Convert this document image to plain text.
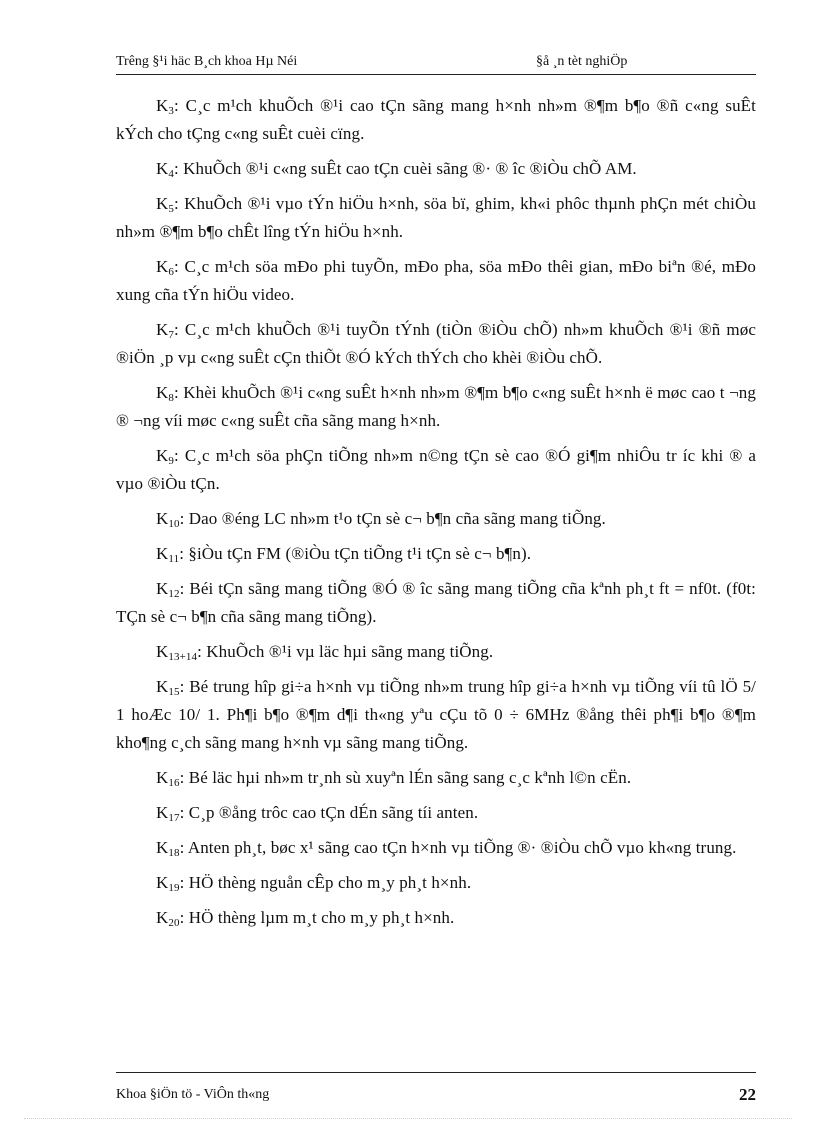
Trêng §¹i häc B¸ch khoa Hµ Néi	§å ¸n tèt nghiÖp

$K_3$: C¸c m¹ch khuÕch ®¹i cao tÇn sãng mang h×nh nh»m ®¶m b¶o ®ñ c«ng suÊt kÝch cho tÇng c«ng suÊt cuèi cïng.

$K_4$: KhuÕch ®¹i c«ng suÊt cao tÇn cuèi sãng ®· ® îc ®iÒu chÕ AM.

$K_5$: KhuÕch ®¹i vµo tÝn hiÖu h×nh, söa bï, ghim, kh«i phôc thµnh phÇn mét chiÒu nh»m ®¶m b¶o chÊt lîng tÝn hiÖu h×nh.

$K_6$: C¸c m¹ch söa mÐo phi tuyÕn, mÐo pha, söa mÐo thêi gian, mÐo biªn ®é, mÐo xung cña tÝn hiÖu video.

$K_7$: C¸c m¹ch khuÕch ®¹i tuyÕn tÝnh (tiÒn ®iÒu chÕ) nh»m khuÕch ®¹i ®ñ møc ®iÖn ¸p vµ c«ng suÊt cÇn thiÕt ®Ó kÝch thÝch cho khèi ®iÒu chÕ.

$K_8$: Khèi khuÕch ®¹i c«ng suÊt h×nh nh»m ®¶m b¶o c«ng suÊt h×nh ë møc cao t ¬ng ® ¬ng víi møc c«ng suÊt cña sãng mang h×nh.

$K_9$: C¸c m¹ch söa phÇn tiÕng nh»m n©ng tÇn sè cao ®Ó gi¶m nhiÔu tr íc khi ® a vµo ®iÒu tÇn.

$K_{10}$: Dao ®éng LC nh»m t¹o tÇn sè c¬ b¶n cña sãng mang tiÕng.

$K_{11}$: §iÒu tÇn FM (®iÒu tÇn tiÕng t¹i tÇn sè c¬ b¶n).

$K_{12}$: Béi tÇn sãng mang tiÕng ®Ó ® îc sãng mang tiÕng cña kªnh ph¸t ft = nf0t. (f0t: TÇn sè c¬ b¶n cña sãng mang tiÕng).

$K_{13+14}$: KhuÕch ®¹i vµ läc hµi sãng mang tiÕng.

$K_{15}$: Bé trung hîp gi÷a h×nh vµ tiÕng nh»m trung hîp gi÷a h×nh vµ tiÕng víi tû lÖ 5/ 1 hoÆc 10/ 1. Ph¶i b¶o ®¶m d¶i th«ng yªu cÇu tõ 0 ÷ 6MHz ®ång thêi ph¶i b¶o ®¶m kho¶ng c¸ch sãng mang h×nh vµ sãng mang tiÕng.

$K_{16}$: Bé läc hµi nh»m tr¸nh sù xuyªn lÉn sãng sang c¸c kªnh l©n cËn.

$K_{17}$: C¸p ®ång trôc cao tÇn dÉn sãng tíi anten.

$K_{18}$: Anten ph¸t, bøc x¹ sãng cao tÇn h×nh vµ tiÕng ®· ®iÒu chÕ vµo kh«ng trung.

$K_{19}$: HÖ thèng nguån cÊp cho m¸y ph¸t h×nh.

$K_{20}$: HÖ thèng lµm m¸t cho m¸y ph¸t h×nh.

Khoa §iÖn tö - ViÔn th«ng	22
